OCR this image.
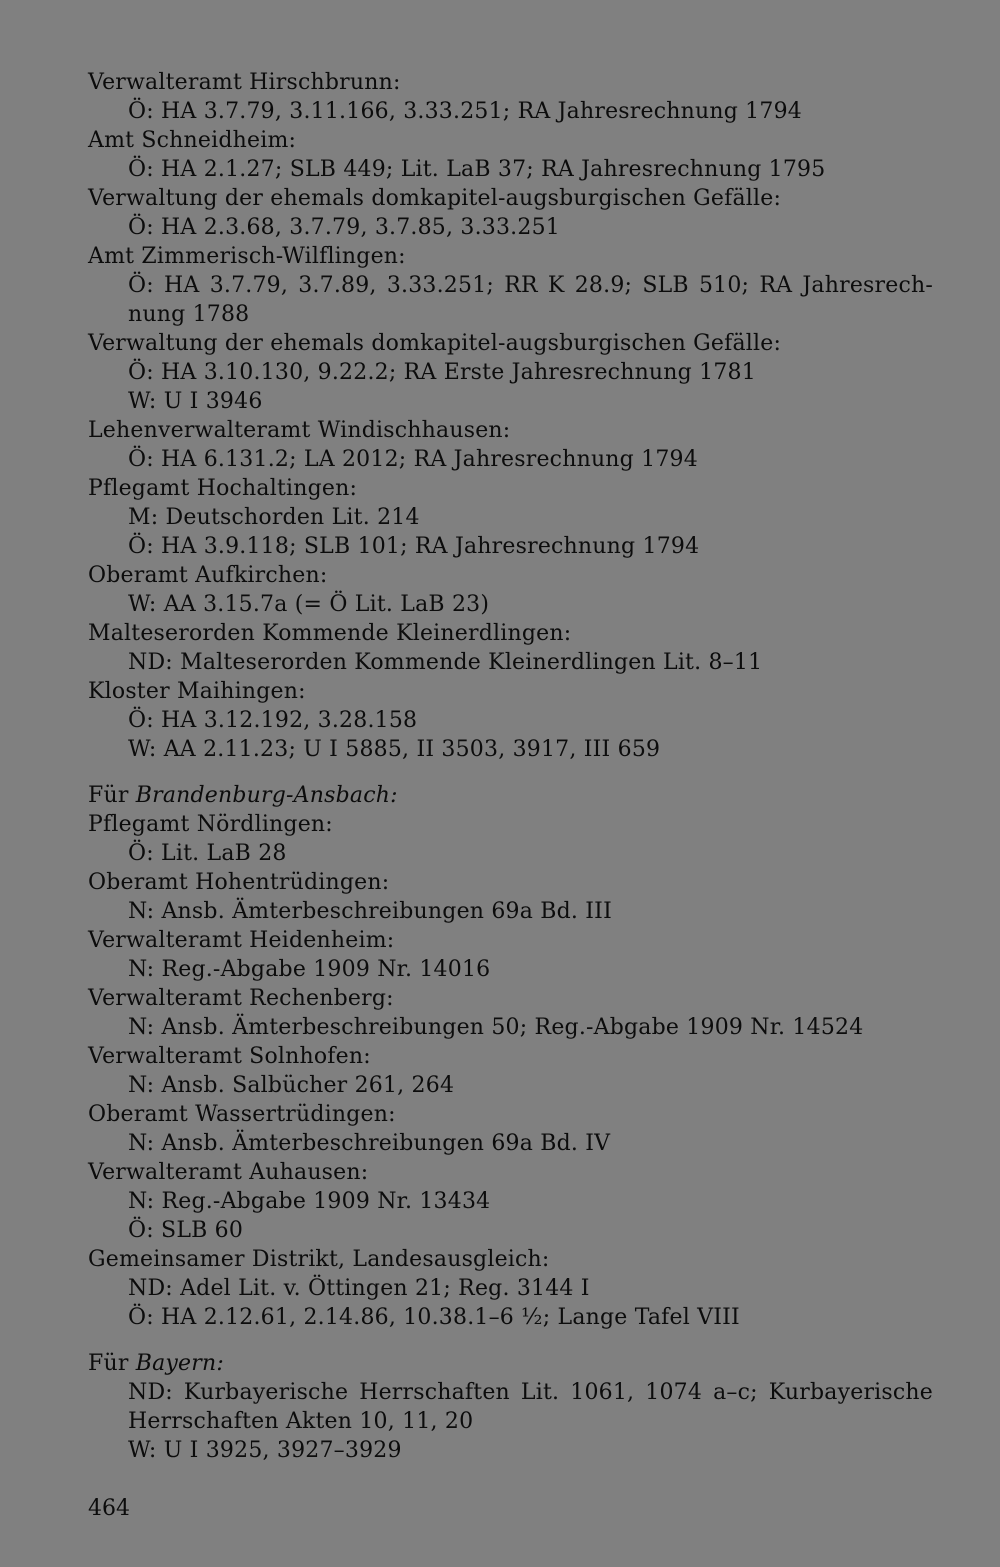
Verwalteramt Hirschbrunn:
Ö: HA 3.7.79, 3.11.166, 3.33.251; RA Jahresrechnung 1794
Amt Schneidheim:
Ö: HA 2.1.27; SLB 449; Lit. LaB 37; RA Jahresrechnung 1795
Verwaltung der ehemals domkapitel-augsburgischen Gefälle:
Ö: HA 2.3.68, 3.7.79, 3.7.85, 3.33.251
Amt Zimmerisch-Wilflingen:
Ö: HA 3.7.79, 3.7.89, 3.33.251; RR K 28.9; SLB 510; RA Jahresrech-
nung 1788
Verwaltung der ehemals domkapitel-augsburgischen Gefälle:
Ö: HA 3.10.130, 9.22.2; RA Erste Jahresrechnung 1781
W: U I 3946
Lehenverwalteramt Windischhausen:
Ö: HA 6.131.2; LA 2012; RA Jahresrechnung 1794
Pflegamt Hochaltingen:
M: Deutschorden Lit. 214
Ö: HA 3.9.118; SLB 101; RA Jahresrechnung 1794
Oberamt Aufkirchen:
W: AA 3.15.7a (= Ö Lit. LaB 23)
Malteserorden Kommende Kleinerdlingen:
ND: Malteserorden Kommende Kleinerdlingen Lit. 8–11
Kloster Maihingen:
Ö: HA 3.12.192, 3.28.158
W: AA 2.11.23; U I 5885, II 3503, 3917, III 659
Für Brandenburg-Ansbach:
Pflegamt Nördlingen:
Ö: Lit. LaB 28
Oberamt Hohentrüdingen:
N: Ansb. Ämterbeschreibungen 69a Bd. III
Verwalteramt Heidenheim:
N: Reg.-Abgabe 1909 Nr. 14016
Verwalteramt Rechenberg:
N: Ansb. Ämterbeschreibungen 50; Reg.-Abgabe 1909 Nr. 14524
Verwalteramt Solnhofen:
N: Ansb. Salbücher 261, 264
Oberamt Wassertrüdingen:
N: Ansb. Ämterbeschreibungen 69a Bd. IV
Verwalteramt Auhausen:
N: Reg.-Abgabe 1909 Nr. 13434
Ö: SLB 60
Gemeinsamer Distrikt, Landesausgleich:
ND: Adel Lit. v. Öttingen 21; Reg. 3144 I
Ö: HA 2.12.61, 2.14.86, 10.38.1–6 ½; Lange Tafel VIII
Für Bayern:
ND: Kurbayerische Herrschaften Lit. 1061, 1074 a–c; Kurbayerische
Herrschaften Akten 10, 11, 20
W: U I 3925, 3927–3929
464
